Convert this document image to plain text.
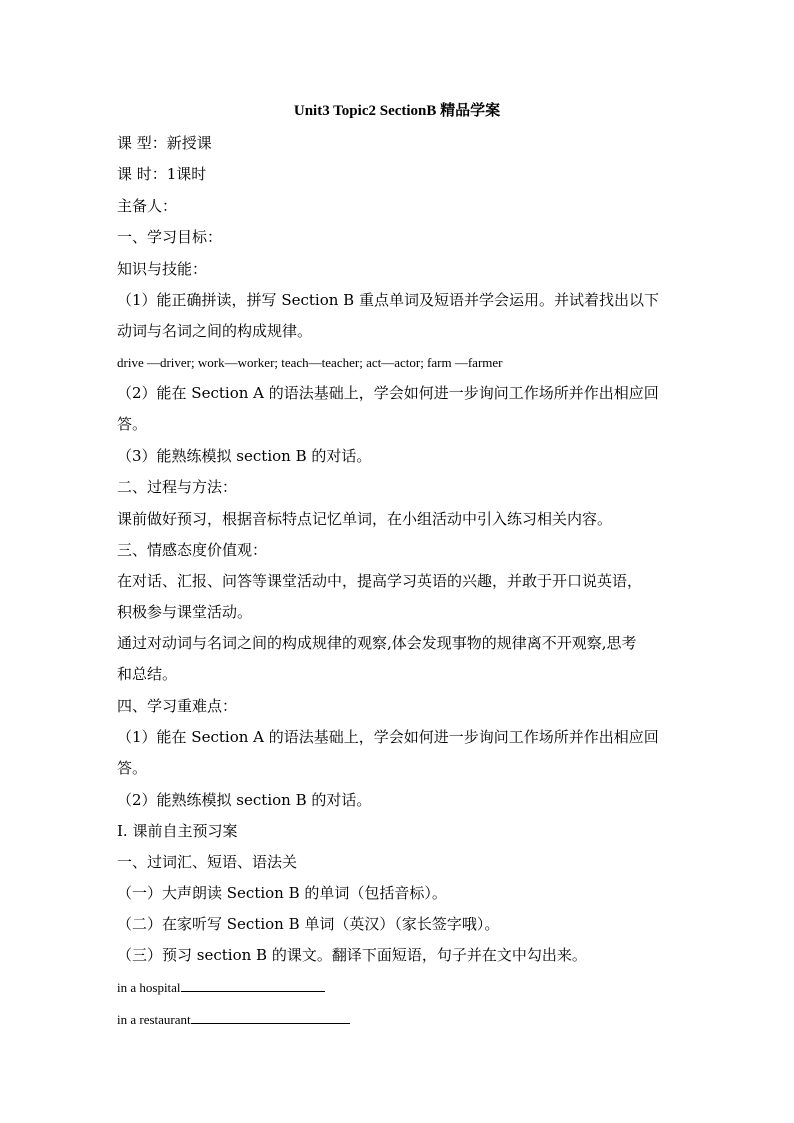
Unit3 Topic2 SectionB 精品学案
课 型：新授课
课 时：1课时
主备人：
一、学习目标：
知识与技能：
（1）能正确拼读，拼写 Section B 重点单词及短语并学会运用。并试着找出以下
动词与名词之间的构成规律。
drive —driver; work—worker; teach—teacher; act—actor; farm —farmer
（2）能在 Section A 的语法基础上，学会如何进一步询问工作场所并作出相应回
答。
（3）能熟练模拟 section B 的对话。
二、过程与方法：
课前做好预习，根据音标特点记忆单词，在小组活动中引入练习相关内容。
三、情感态度价值观：
在对话、汇报、问答等课堂活动中，提高学习英语的兴趣，并敢于开口说英语，
积极参与课堂活动。
通过对动词与名词之间的构成规律的观察,体会发现事物的规律离不开观察,思考
和总结。
四、学习重难点：
（1）能在 Section A 的语法基础上，学会如何进一步询问工作场所并作出相应回
答。
（2）能熟练模拟 section B 的对话。
I. 课前自主预习案
一、过词汇、短语、语法关
（一）大声朗读 Section B 的单词（包括音标）。
（二）在家听写 Section B 单词（英汉）（家长签字哦）。
（三）预习 section B 的课文。翻译下面短语，句子并在文中勾出来。
in a hospital
in a restaurant
